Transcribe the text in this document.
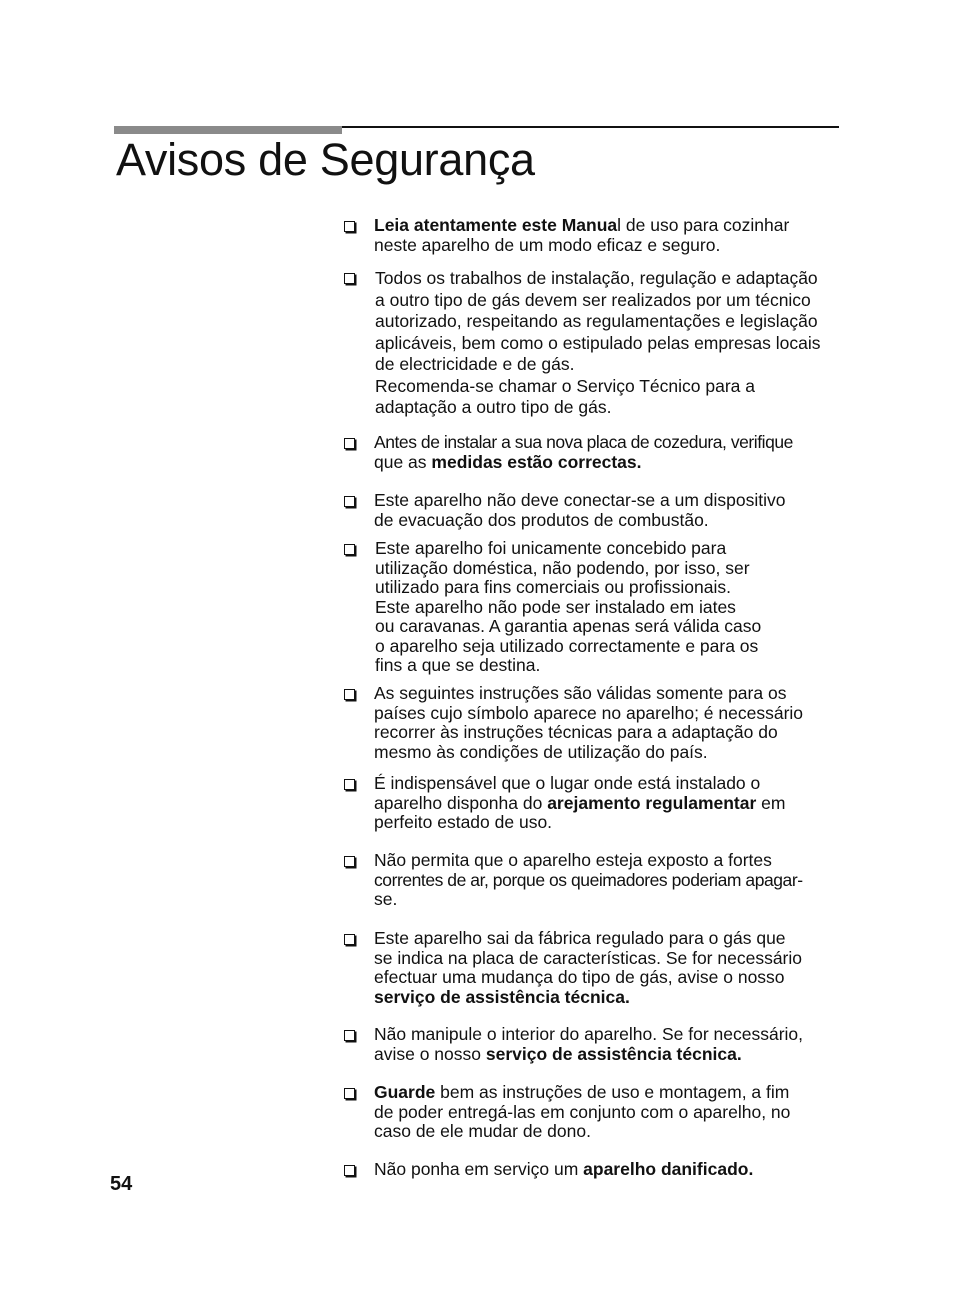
Avisos de Segurança

Leia atentamente este Manual de uso para cozinhar

neste aparelho de um modo eficaz e seguro.

Todos os trabalhos de instalação, regulação e adaptação

a outro tipo de gás devem ser realizados por um técnico

autorizado, respeitando as regulamentações e legislação

aplicáveis, bem como o estipulado pelas empresas locais

de electricidade e de gás.

Recomenda-se chamar o Serviço Técnico para a

adaptação a outro tipo de gás.

Antes de instalar a sua nova placa de cozedura, verifique

que as medidas estão correctas.

Este aparelho não deve conectar-se a um dispositivo

de evacuação dos produtos de combustão.

Este aparelho foi unicamente concebido para

utilização doméstica, não podendo, por isso, ser

utilizado para fins comerciais ou profissionais.

Este aparelho não pode ser instalado em iates

ou caravanas. A garantia apenas será válida caso

o aparelho seja utilizado correctamente e para os

fins a que se destina.

As seguintes instruções são válidas somente para os

países cujo símbolo aparece no aparelho; é necessário

recorrer às instruções técnicas para a adaptação do

mesmo às condições de utilização do país.

É indispensável que o lugar onde está instalado o

aparelho disponha do arejamento regulamentar em

perfeito estado de uso.

Não permita que o aparelho esteja exposto a fortes

correntes de ar, porque os queimadores poderiam apagar-

se.

Este aparelho sai da fábrica regulado para o gás que

se indica na placa de características. Se for necessário

efectuar uma mudança do tipo de gás, avise o nosso

serviço de assistência técnica.

Não manipule o interior do aparelho. Se for necessário,

avise o nosso serviço de assistência técnica.

Guarde bem as instruções de uso e montagem, a fim

de poder entregá-las em conjunto com o aparelho, no

caso de ele mudar de dono.

Não ponha em serviço um aparelho danificado.

54
